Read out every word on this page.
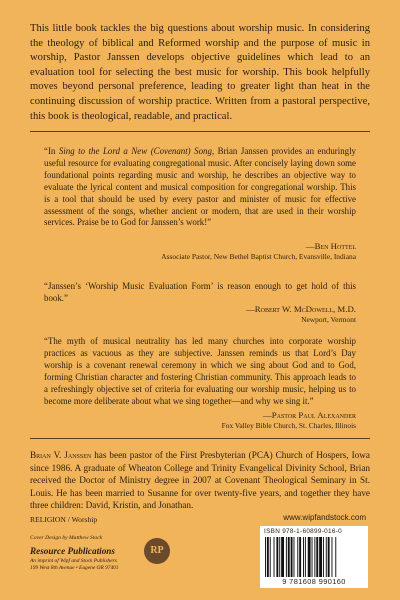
This little book tackles the big questions about worship music. In considering the theology of biblical and Reformed worship and the purpose of music in worship, Pastor Janssen develops objective guidelines which lead to an evaluation tool for selecting the best music for worship. This book helpfully moves beyond personal preference, leading to greater light than heat in the continuing discussion of worship practice. Written from a pastoral perspective, this book is theological, readable, and practical.

“In Sing to the Lord a New (Covenant) Song, Brian Janssen provides an enduringly useful resource for evaluating congregational music. After concisely laying down some foundational points regarding music and worship, he describes an objective way to evaluate the lyrical content and musical composition for congregational worship. This is a tool that should be used by every pastor and minister of music for effective assessment of the songs, whether ancient or modern, that are used in their worship services. Praise be to God for Janssen’s work!”

—Ben Hottel
Associate Pastor, New Bethel Baptist Church, Evansville, Indiana

“Janssen’s ‘Worship Music Evaluation Form’ is reason enough to get hold of this book.”

—Robert W. McDowell, M.D.
Newport, Vermont

“The myth of musical neutrality has led many churches into corporate worship practices as vacuous as they are subjective. Janssen reminds us that Lord’s Day worship is a covenant renewal ceremony in which we sing about God and to God, forming Christian character and fostering Christian community. This approach leads to a refreshingly objective set of criteria for evaluating our worship music, helping us to become more deliberate about what we sing together—and why we sing it.”

—Pastor Paul Alexander
Fox Valley Bible Church, St. Charles, Illinois

Brian V. Janssen has been pastor of the First Presbyterian (PCA) Church of Hospers, Iowa since 1986. A graduate of Wheaton College and Trinity Evangelical Divinity School, Brian received the Doctor of Ministry degree in 2007 at Covenant Theological Seminary in St. Louis. He has been married to Susanne for over twenty-five years, and together they have three children: David, Kristin, and Jonathan.

RELIGION / Worship	www.wipfandstock.com
Cover Design by Matthew Stock
Resource Publications
An imprint of Wipf and Stock Publishers
199 West 8th Avenue • Eugene OR 97401
RP
ISBN 978-1-60899-016-0
9 781608 990160
